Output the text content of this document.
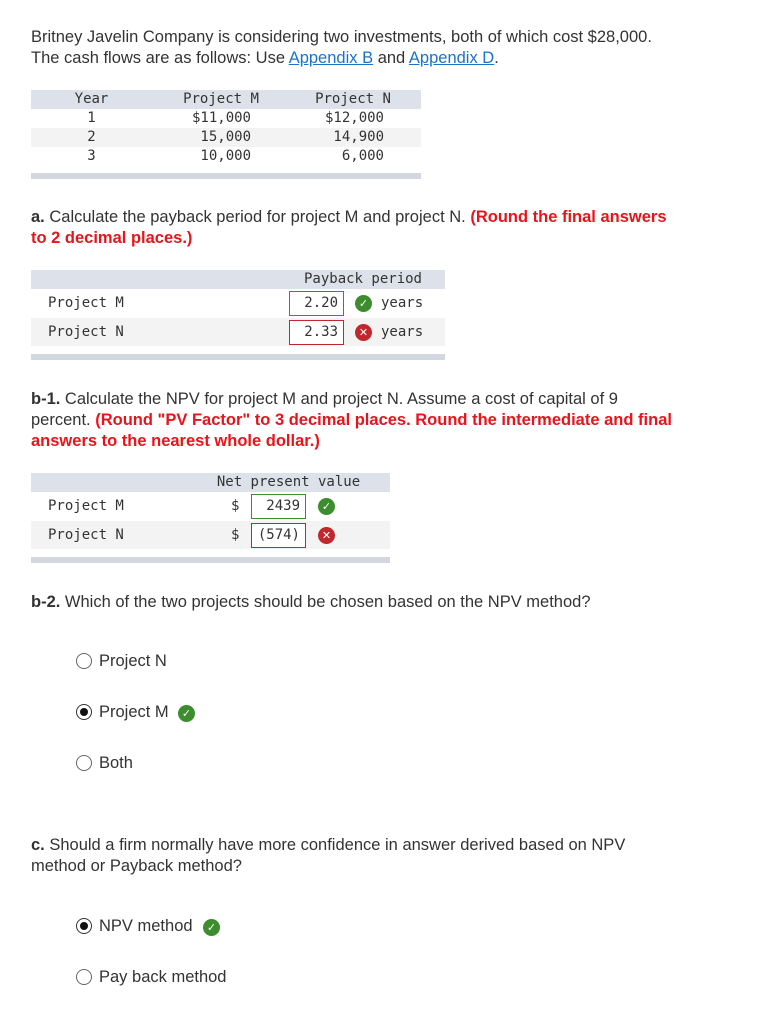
Britney Javelin Company is considering two investments, both of which cost $28,000.
The cash flows are as follows: Use Appendix B and Appendix D.
Year	Project M	Project N
1	$11,000	$12,000
2	15,000	14,900
3	10,000	6,000
a. Calculate the payback period for project M and project N. (Round the final answers
to 2 decimal places.)
Payback period
Project M	2.20	✓ years
Project N	2.33	✕ years
b-1. Calculate the NPV for project M and project N. Assume a cost of capital of 9
percent. (Round "PV Factor" to 3 decimal places. Round the intermediate and final
answers to the nearest whole dollar.)
Net present value
Project M	$	2439	✓
Project N	$	(574)	✕
b-2. Which of the two projects should be chosen based on the NPV method?
Project N
Project M	✓
Both
c. Should a firm normally have more confidence in answer derived based on NPV
method or Payback method?
NPV method	✓
Pay back method
